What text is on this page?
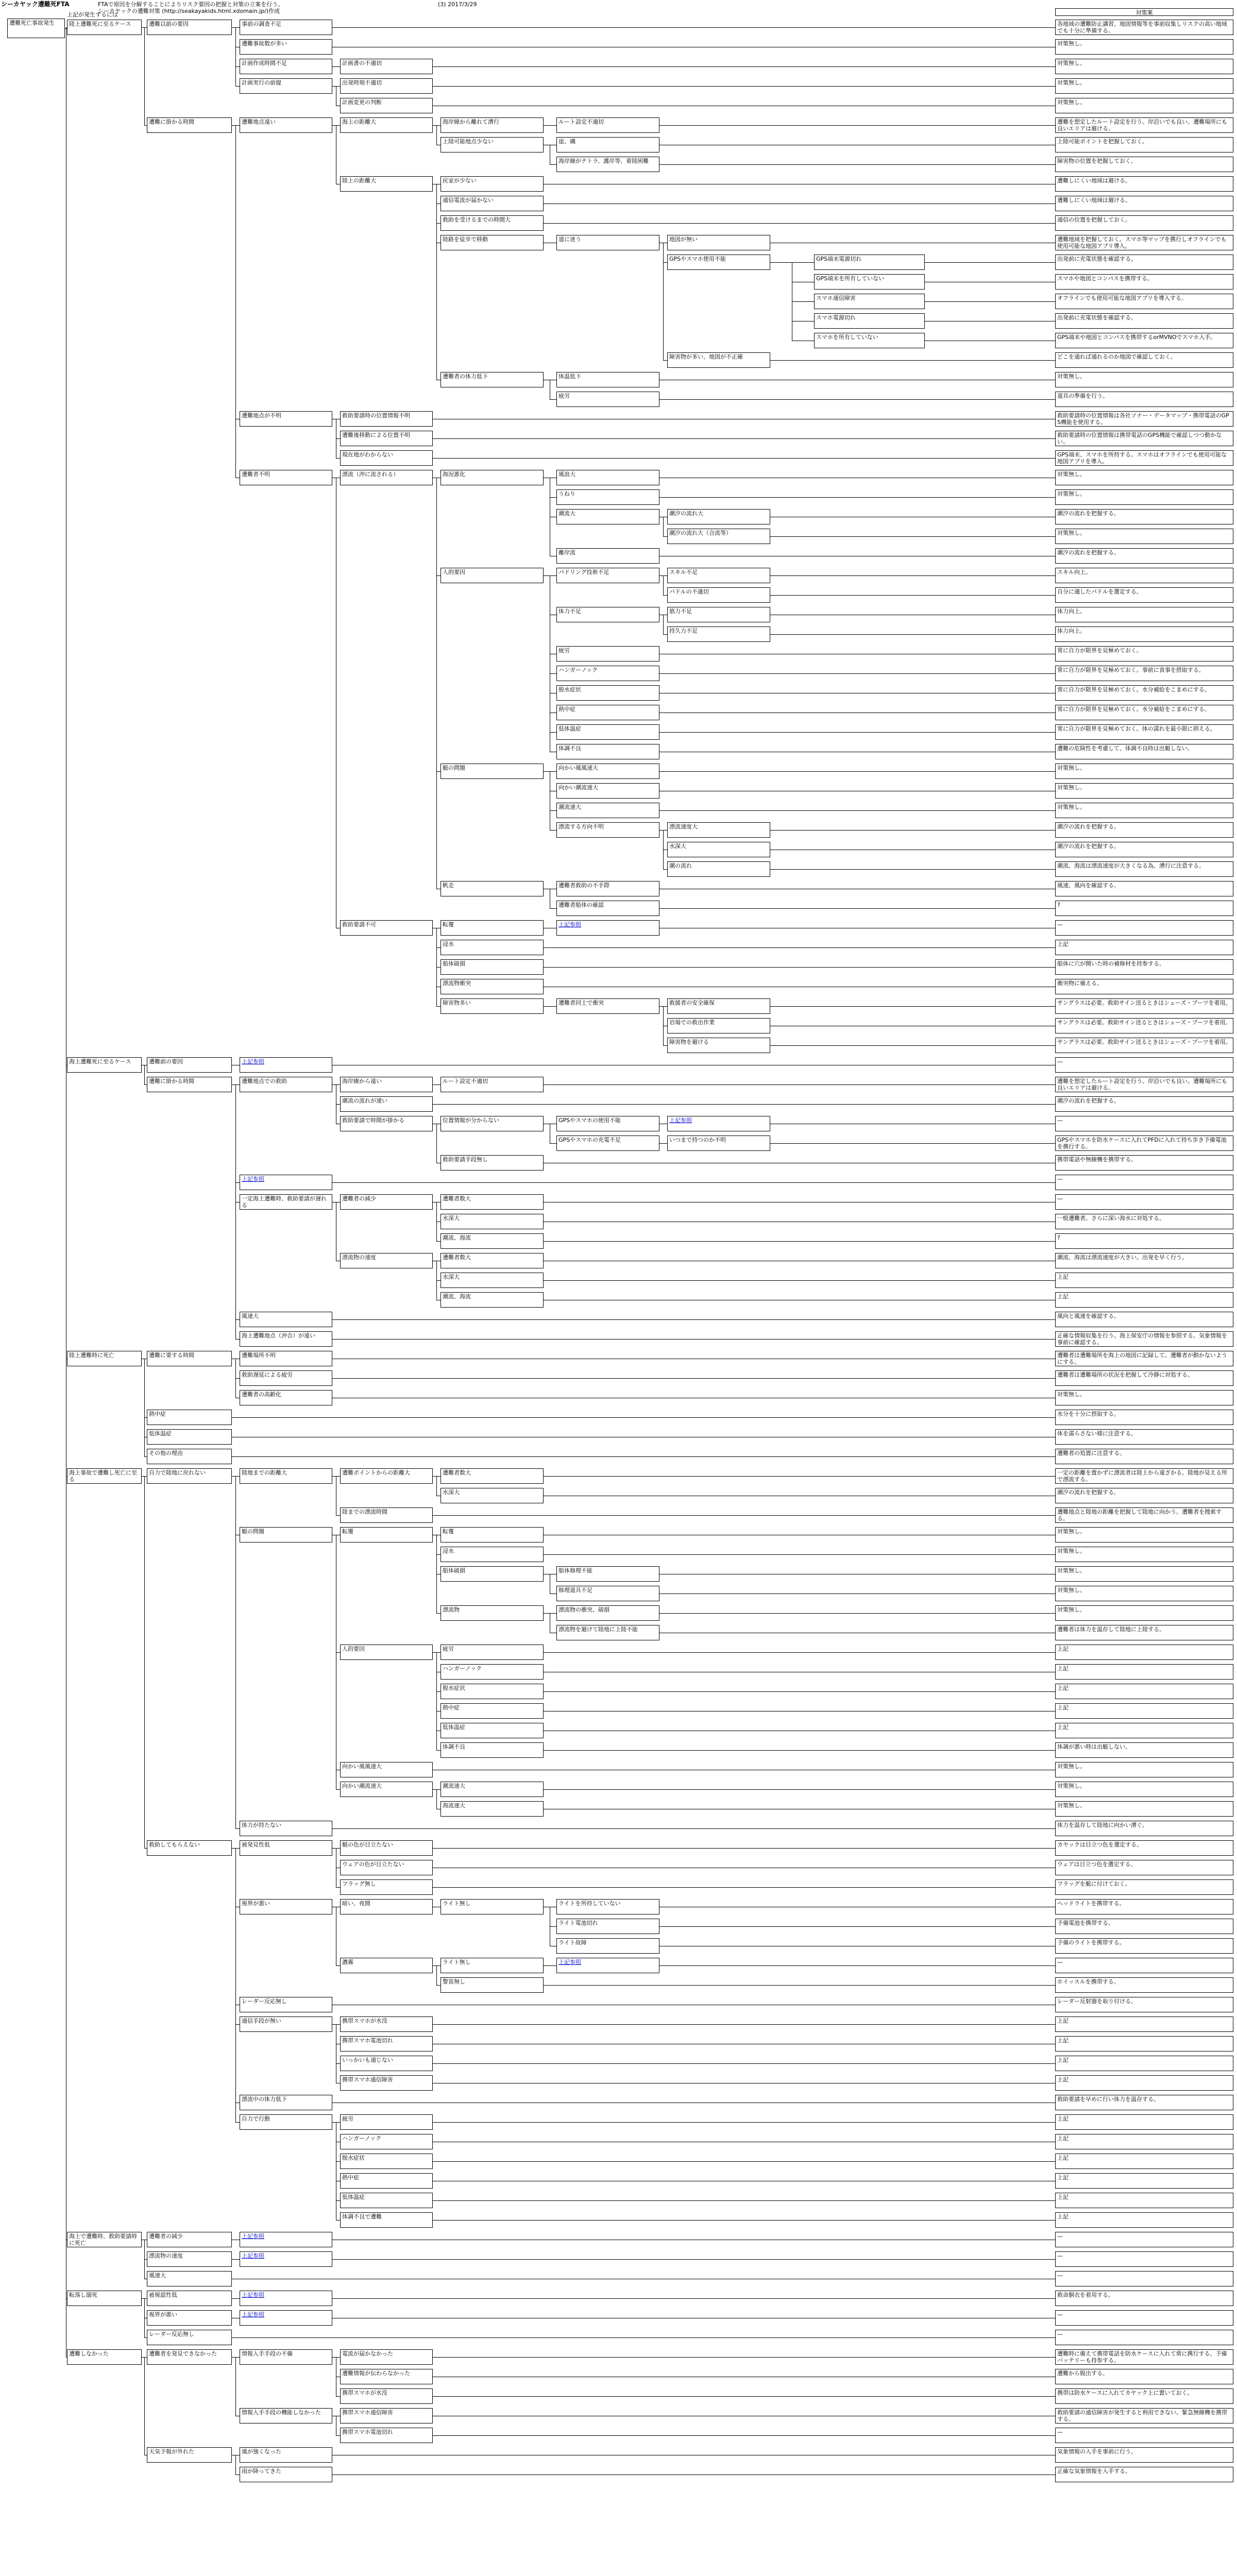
シーカヤック遭難死FTA	FTAで原因を分解することによりリスク要因の把握と対策の立案を行う。	(3) 2017/3/29
シーカヤックの遭難対策 (http://seakayakids.html.xdomain.jp/)作成
上記が発生するには	対策案
遭難死亡事故発生	陸上遭難死に至るケース	遭難以前の要因	事前の調査不足	各地域の遭難防止講習、地図情報等を事前収集しリスクの高い地域でも十分に準備する。
遭難事故数が多い	対策無し。
計画作成時間不足	計画書の不適切	対策無し。
計画実行の前提	出発時刻不適切	対策無し。
計画変更の判断	対策無し。
遭難に掛かる時間	遭難地点遠い	海上の距離大	海岸線から離れて漕行	ルート設定不適切	遭難を想定したルート設定を行う。岸沿いでも良い。遭難場所にも良いエリアは避ける。
上陸可能地点少ない	崖、磯	上陸可能ポイントを把握しておく。
海岸線がテトラ、護岸等、着陸困難	障害物の位置を把握しておく。
陸上の距離大	民家が少ない	遭難しにくい地域は避ける。
通信電波が届かない	遭難しにくい地域は避ける。
救助を受けるまでの時間大	通信の位置を把握しておく。
陸路を徒歩で移動	道に迷う	地図が無い	遭難地域を把握しておく。スマホ等マップを携行しオフラインでも使用可能な地図アプリ導入。
GPSやスマホ使用不能	GPS端末電源切れ	出発前に充電状態を確認する。
GPS端末を所有していない	スマホや地図とコンパスを携帯する。
スマホ通信障害	オフラインでも使用可能な地図アプリを導入する。
スマホ電源切れ	出発前に充電状態を確認する。
スマホを所有していない	GPS端末や地図とコンパスを携帯するorMVNOでスマホ入手。
障害物が多い、地図が不正確	どこを通れば通れるのか地図で確認しておく。
遭難者の体力低下	体温低下	対策無し。
疲労	道具の準備を行う。
遭難地点が不明	救助要請時の位置情報不明	救助要請時の位置情報は各社ソナー・データマップ・携帯電話のGPS機能を使用する。
遭難後移動による位置不明	救助要請時の位置情報は携帯電話のGPS機能で確認しつつ動かない。
現在地がわからない	GPS端末、スマホを所持する。スマホはオフラインでも使用可能な地図アプリを導入。
遭難者不明	漂流（沖に流される）	海況悪化	風浪大	対策無し。
うねり	対策無し。
潮流大	潮汐の流れ大	潮汐の流れを把握する。
潮汐の流れ大（合流等）	対策無し。
離岸流	潮汐の流れを把握する。
人的要因	パドリング技術不足	スキル不足	スキル向上。
パドルの不適切	自分に適したパドルを選定する。
体力不足	筋力不足	体力向上。
持久力不足	体力向上。
疲労	常に自力が限界を見極めておく。
ハンガーノック	常に自力が限界を見極めておく。事前に食事を摂取する。
脱水症状	常に自力が限界を見極めておく。水分補給をこまめにする。
熱中症	常に自力が限界を見極めておく。水分補給をこまめにする。
低体温症	常に自力が限界を見極めておく。体の濡れを最小限に抑える。
体調不良	遭難の危険性を考慮して、体調不良時は出艇しない。
艇の問題	向かい風風速大	対策無し。
向かい潮流速大	対策無し。
潮流速大	対策無し。
漂流する方向不明	漂流速度大	潮汐の流れを把握する。
水深大	潮汐の流れを把握する。
潮の流れ	潮流、海流は漂流速度が大きくなる為、漕行に注意する。
帆走	遭難者救助の不手際	風速、風向を確認する。
遭難者船体の確認	?
救助要請不可	転覆	上記参照	—
浸水	上記
船体破損	船体に穴が開いた時の補修材を持参する。
漂流物衝突	衝突物に備える。
障害物多い	遭難者同士で衝突	救援者の安全確保	サングラスは必要。救助サイン送るときはシューズ・ブーツを着用。
岩場での救出作業	サングラスは必要。救助サイン送るときはシューズ・ブーツを着用。
障害物を避ける	サングラスは必要。救助サイン送るときはシューズ・ブーツを着用。
海上遭難死に至るケース	遭難前の要因	上記参照	—
遭難に掛かる時間	遭難地点での救助	海岸線から遠い	ルート設定不適切	遭難を想定したルート設定を行う。岸沿いでも良い。遭難場所にも良いエリアは避ける。
潮流の流れが速い	潮汐の流れを把握する。
救助要請で時間が掛かる	位置情報が分からない	GPSやスマホの使用不能	上記参照	—
GPSやスマホの充電不足	いつまで持つのか不明	GPSやスマホを防水ケースに入れてPFDに入れて持ち歩き予備電池を携行する。
救助要請手段無し	携帯電話や無線機を携帯する。
上記参照	—
一定海上遭難時、救助要請が遅れる
遭難者の減少	遭難者数大	—
水深大	一般遭難者。さらに深い海水に対処する。
潮流、海流	?
漂流物の速度	遭難者数大	潮流、海流は漂流速度が大きい。出発を早く行う。
水深大	上記
潮流、海流	上記
風速大	風向と風速を確認する。
海上遭難地点（沖合）が遠い	正確な情報収集を行う。海上保安庁の情報を参照する。気象情報を事前に確認する。
陸上遭難時に死亡	遭難に要する時間	遭難場所不明	遭難者は遭難場所を海上の地図に記録して、遭難者が動かないようにする。
救助遅延による疲労	遭難者は遭難場所の状況を把握して冷静に対処する。
遭難者の高齢化	対策無し。
熱中症	水分を十分に摂取する。
低体温症	体を濡らさない様に注意する。
その他の理由	遭難者の処置に注意する。
海上事故で遭難し死亡に至る
自力で陸地に戻れない	陸地までの距離大	遭難ポイントからの距離大	遭難者数大	一定の距離を置かずに漂流者は陸上から遠ざかる。陸地が見える所で漂流する。
水深大	潮汐の流れを把握する。
陸までの漂流時間	遭難地点と陸地の距離を把握して陸地に向かう。遭難者を捜索する。
艇の問題	転覆	転覆	対策無し。
浸水	対策無し。
船体破損	船体修理不能	対策無し。
修理道具不足	対策無し。
漂流物	漂流物の衝突、破損	対策無し。
漂流物を避けて陸地に上陸不能	遭難者は体力を温存して陸地に上陸する。
人的要因	疲労	上記
ハンガーノック	上記
脱水症状	上記
熱中症	上記
低体温症	上記
体調不良	体調が悪い時は出艇しない。
向かい風風速大	対策無し。
向かい潮流速大	潮流速大	対策無し。
海流速大	対策無し。
体力が持たない	体力を温存して陸地に向かい漕ぐ。
救助してもらえない	被発見性低	艇の色が目立たない	カヤックは目立つ色を選定する。
ウェアの色が目立たない	ウェアは目立つ色を選定する。
フラッグ無し	フラッグを艇に付けておく。
視界が悪い	暗い、夜間	ライト無し	ライトを所持していない	ヘッドライトを携帯する。
ライト電池切れ	予備電池を携帯する。
ライト故障	予備のライトを携帯する。
濃霧	ライト無し	上記参照	—
警笛無し	ホイッスルを携帯する。
レーダー反応無し	レーダー反射器を取り付ける。
通信手段が無い	携帯スマホが水没	上記
携帯スマホ電池切れ	上記
いっかいも通じない	上記
携帯スマホ通信障害	上記
漂流中の体力低下	救助要請を早めに行い体力を温存する。
自力で行動	疲労	上記
ハンガーノック	上記
脱水症状	上記
熱中症	上記
低体温症	上記
体調不良で遭難	上記
海上で遭難時、救助要請時に死亡
遭難者の減少	上記参照	—
漂流物の速度	上記参照	—
風速大	—
転落し溺死	被視認性低	上記参照	救命胴衣を着用する。
視界が悪い	上記参照	—
レーダー反応無し	—
遭難しなかった	遭難者を発見できなかった	情報入手手段の不備	電波が届かなかった	遭難時に備えて携帯電話を防水ケースに入れて常に携行する。予備バッテリーも持参する。
遭難情報が伝わらなかった	遭難から脱出する。
携帯スマホが水没	携帯は防水ケースに入れてカヤック上に置いておく。
情報入手手段の機能しなかった	携帯スマホ通信障害	救助要請の通信障害が発生すると利用できない。緊急無線機を携帯する。
携帯スマホ電池切れ	—
天気予報が外れた	風が強くなった	気象情報の入手を事前に行う。
雨が降ってきた	正確な気象情報を入手する。
